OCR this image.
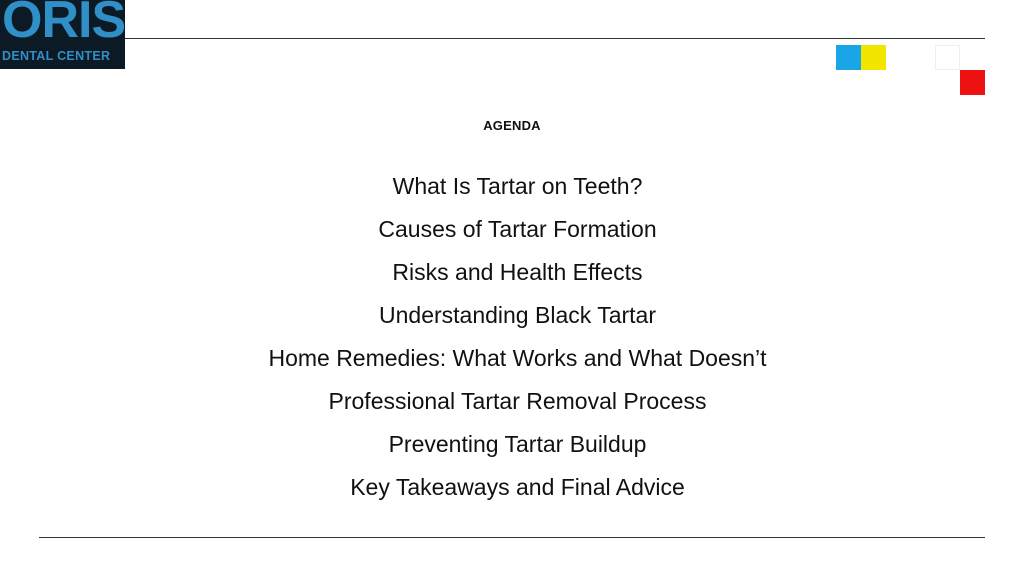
ORIS
DENTAL CENTER
AGENDA
What Is Tartar on Teeth?
Causes of Tartar Formation
Risks and Health Effects
Understanding Black Tartar
Home Remedies: What Works and What Doesn’t
Professional Tartar Removal Process
Preventing Tartar Buildup
Key Takeaways and Final Advice
